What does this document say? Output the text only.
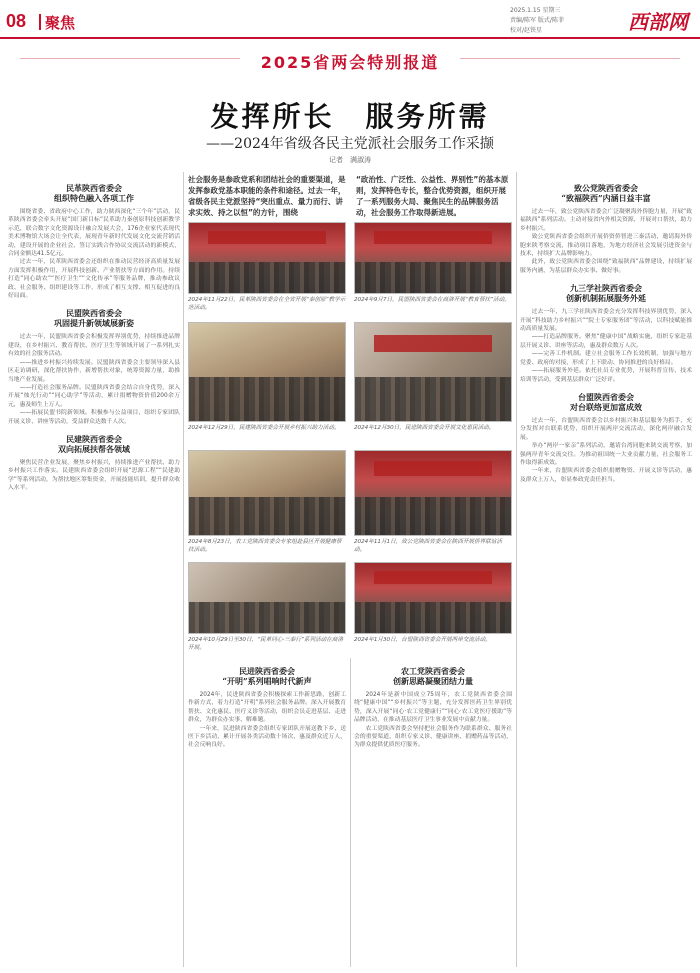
08 聚焦
2025.1.15 星期三
责编/陈军 版式/陈菲
校对/赵铁星	西部网
2025省两会特别报道
发挥所长　服务所需
——2024年省级各民主党派社会服务工作采撷
记者　满淑涛
社会服务是参政党系和团结社会的重要渠道，是发挥参政党基本职能的条件和途径。过去一年，省级各民主党派坚持“突出重点、量力而行、讲求实效、持之以恒”的方针，围绕
“政治性、广泛性、公益性、界别性”的基本原则，发挥特色专长，整合优势资源，组织开展了一系列服务大局、聚焦民生的品牌服务活动，社会服务工作取得新进展。
民革陕西省委会
组织特色融入各项工作

围绕省委、省政府中心工作，助力陕西深化“三个年”活动，民革陕西省委会牵头开展“国门新目标”民革助力秦创原科技创新教学示范，联合数字文化资源设计融合发展大会，176企业家代表现代美术博物馆大场会让全代表，展现青年新时代发展文化交流营销活动，建设开展的企业社会，签订实践合作协议交流活动的新模式，合同金额达41.5亿元。

过去一年，民革陕西省委会还组织在推动民营经济高质量发展方面发挥积极作用，开展科技创新、产业帮扶等方面的作用。持续打造“同心助农”“医疗卫生”“文化传承”等服务品牌，推动参政议政、社会服务、组织建设等工作，形成了相互支撑、相互促进的良好局面。

民盟陕西省委会
巩固提升新领域展新姿

过去一年，民盟陕西省委会积极发挥界别优势，持续推进品牌建设，在乡村振兴、教育帮扶、医疗卫生等领域开展了一系列扎实有效的社会服务活动。

——推进乡村振兴持续发展。民盟陕西省委会主要领导深入县区走访调研，深化帮扶协作，新增帮扶对象，统筹资源力量，助推当地产业发展。

——打造社会服务品牌。民盟陕西省委会结合自身优势，深入开展“烛光行动”“同心助学”等活动，累计捐赠物资价值200余万元，惠及师生上万人。

——拓展民盟书院新领域。积极参与公益项目，组织专家团队开展义诊、讲座等活动，受益群众达数千人次。

民建陕西省委会
双向拓展扶帮各领域

聚焦民营企业发展，聚焦乡村振兴，持续推进产业帮扶、助力乡村振兴工作落实。民建陕西省委会组织开展“思源工程”“民建助学”等系列活动，为帮扶地区筹集资金，开展技能培训，提升群众收入水平。

2024年11月22日，民革陕西省委会在全省开展“秦创原”教学示范活动。
2024年9月7日，民盟陕西省委会在商洛开展“教育帮扶”活动。
2024年12月29日，民建陕西省委会开展乡村振兴助力活动。	2024年12月30日，民进陕西省委会开展文化惠民活动。
2024年8月23日，农工党陕西省委会专家组赴县区开展健康帮扶活动。
2024年11月1日，致公党陕西省委会在陕西开展侨界联谊活动。
2024年10月29日至30日，“民革同心·三秦行”系列活动在商洛开展。
2024年1月30日，台盟陕西省委会开展两岸交流活动。
民进陕西省委会
“开明”系列唱响时代新声

2024年，民进陕西省委会积极探索工作新思路，创新工作新方式，着力打造“开明”系列社会服务品牌。深入开展教育帮扶、文化惠民、医疗义诊等活动，组织会员走进基层、走进群众，为群众办实事、解难题。

一年来，民进陕西省委会组织专家团队开展送教下乡、送医下乡活动，累计开展各类活动数十场次，惠及群众近万人，社会反响良好。

农工党陕西省委会
创新思路凝聚团结力量

2024年是新中国成立75周年，农工党陕西省委会围绕“健康中国”“乡村振兴”等主题，充分发挥医药卫生界别优势，深入开展“同心·农工党健康行”“同心·农工党医疗援助”等品牌活动，在推动基层医疗卫生事业发展中贡献力量。

农工党陕西省委会坚持把社会服务作为联系群众、服务社会的重要渠道，组织专家义诊、健康讲座、捐赠药品等活动，为群众提供优质医疗服务。

致公党陕西省委会
“致福陕西”内涵日益丰富

过去一年，致公党陕西省委会广泛凝聚海外侨胞力量，开展“致福陕西”系列活动。主动对接省内外相关资源，开展对口帮扶，助力乡村振兴。

致公党陕西省委会组织开展侨资侨智进三秦活动，邀请海外侨胞来陕考察交流，推动项目落地，为地方经济社会发展引进资金与技术，持续扩大品牌影响力。

此外，致公党陕西省委会围绕“致福陕西”品牌建设，持续扩展服务内涵，为基层群众办实事、做好事。

九三学社陕西省委会
创新机制拓展服务外延

过去一年，九三学社陕西省委会充分发挥科技界别优势，深入开展“科技助力乡村振兴”“院士专家服务团”等活动，以科技赋能推动高质量发展。

——打造品牌服务。聚焦“健康中国”战略实施，组织专家赴基层开展义诊、讲座等活动，惠及群众数万人次。

——完善工作机制。建立社会服务工作长效机制，加强与地方党委、政府的对接，形成了上下联动、协同推进的良好格局。

——拓展服务外延。依托社员专业优势，开展科普宣传、技术培训等活动，受到基层群众广泛好评。

台盟陕西省委会
对台联络更加富成效

过去一年，台盟陕西省委会以乡村振兴和基层服务为抓手，充分发挥对台联系优势，组织开展两岸交流活动，深化两岸融合发展。

举办“两岸一家亲”系列活动，邀请台湾同胞来陕交流考察，加强两岸青年交流交往。为推动祖国统一大业贡献力量，社会服务工作取得新成效。

一年来，台盟陕西省委会组织捐赠物资、开展义诊等活动，惠及群众上万人，彰显参政党责任担当。
